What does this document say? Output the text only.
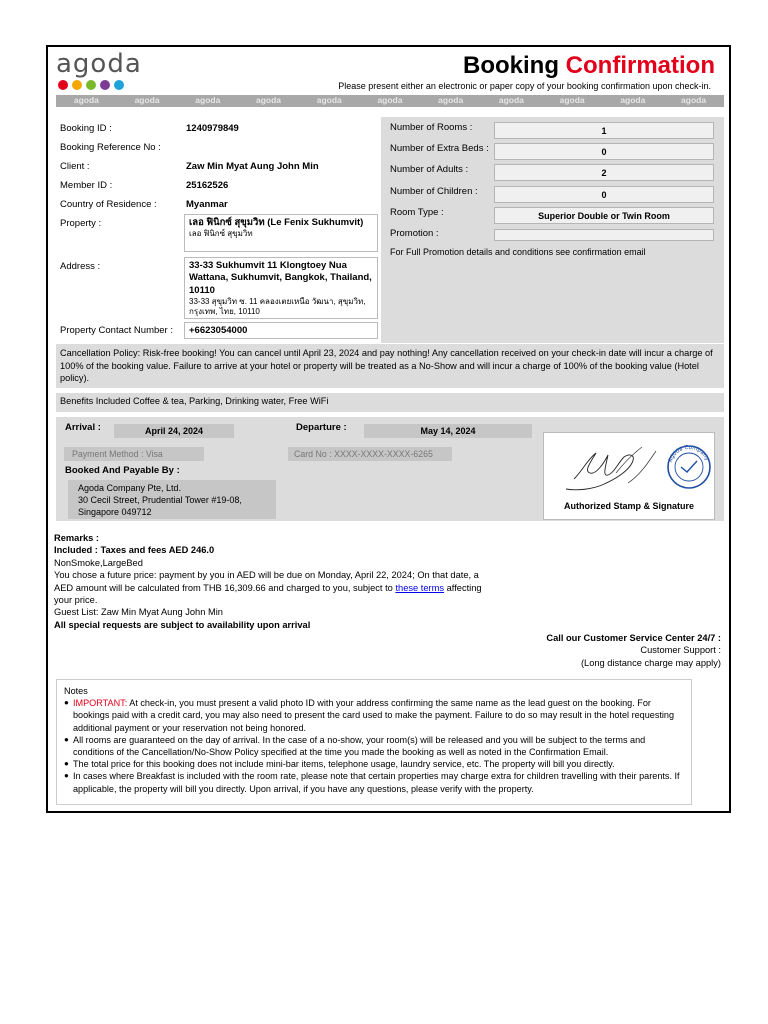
agoda	Booking Confirmation
Please present either an electronic or paper copy of your booking confirmation upon check-in.
agoda	agoda	agoda	agoda	agoda	agoda	agoda	agoda	agoda	agoda	agoda
Booking ID :	1240979849
Booking Reference No :
Client :	Zaw Min Myat Aung John Min
Member ID :	25162526
Country of Residence :	Myanmar
Property :	เลอ ฟินิกซ์ สุขุมวิท (Le Fenix Sukhumvit)
เลอ ฟินิกซ์ สุขุมวิท
Address :	33-33 Sukhumvit 11 Klongtoey Nua Wattana, Sukhumvit, Bangkok, Thailand, 10110
33-33 สุขุมวิท ซ. 11 คลองเตยเหนือ วัฒนา, สุขุมวิท, กรุงเทพ, ไทย, 10110
Property Contact Number : +6623054000
Number of Rooms :	1
Number of Extra Beds :	0
Number of Adults :	2
Number of Children :	0
Room Type :	Superior Double or Twin Room
Promotion :
For Full Promotion details and conditions see confirmation email
Cancellation Policy: Risk-free booking! You can cancel until April 23, 2024 and pay nothing! Any cancellation received on your check-in date will incur a charge of 100% of the booking value. Failure to arrive at your hotel or property will be treated as a No-Show and will incur a charge of 100% of the booking value (Hotel policy).
Benefits Included Coffee & tea, Parking, Drinking water, Free WiFi
Arrival :	April 24, 2024	Departure :	May 14, 2024
Payment Method : Visa	Card No : XXXX-XXXX-XXXX-6265
Booked And Payable By :
Agoda Company Pte, Ltd.
30 Cecil Street, Prudential Tower #19-08,
Singapore 049712
Agoda Company
Authorized Stamp & Signature
Remarks :
Included : Taxes and fees AED 246.0
NonSmoke,LargeBed
You chose a future price: payment by you in AED will be due on Monday, April 22, 2024; On that date, a AED amount will be calculated from THB 16,309.66 and charged to you, subject to these terms affecting your price.
Guest List: Zaw Min Myat Aung John Min
All special requests are subject to availability upon arrival
Call our Customer Service Center 24/7 :
Customer Support :
(Long distance charge may apply)
Notes
● IMPORTANT: At check-in, you must present a valid photo ID with your address confirming the same name as the lead guest on the booking. For bookings paid with a credit card, you may also need to present the card used to make the payment. Failure to do so may result in the hotel requesting additional payment or your reservation not being honored.
● All rooms are guaranteed on the day of arrival. In the case of a no-show, your room(s) will be released and you will be subject to the terms and conditions of the Cancellation/No-Show Policy specified at the time you made the booking as well as noted in the Confirmation Email.
● The total price for this booking does not include mini-bar items, telephone usage, laundry service, etc. The property will bill you directly.
● In cases where Breakfast is included with the room rate, please note that certain properties may charge extra for children travelling with their parents. If applicable, the property will bill you directly. Upon arrival, if you have any questions, please verify with the property.
